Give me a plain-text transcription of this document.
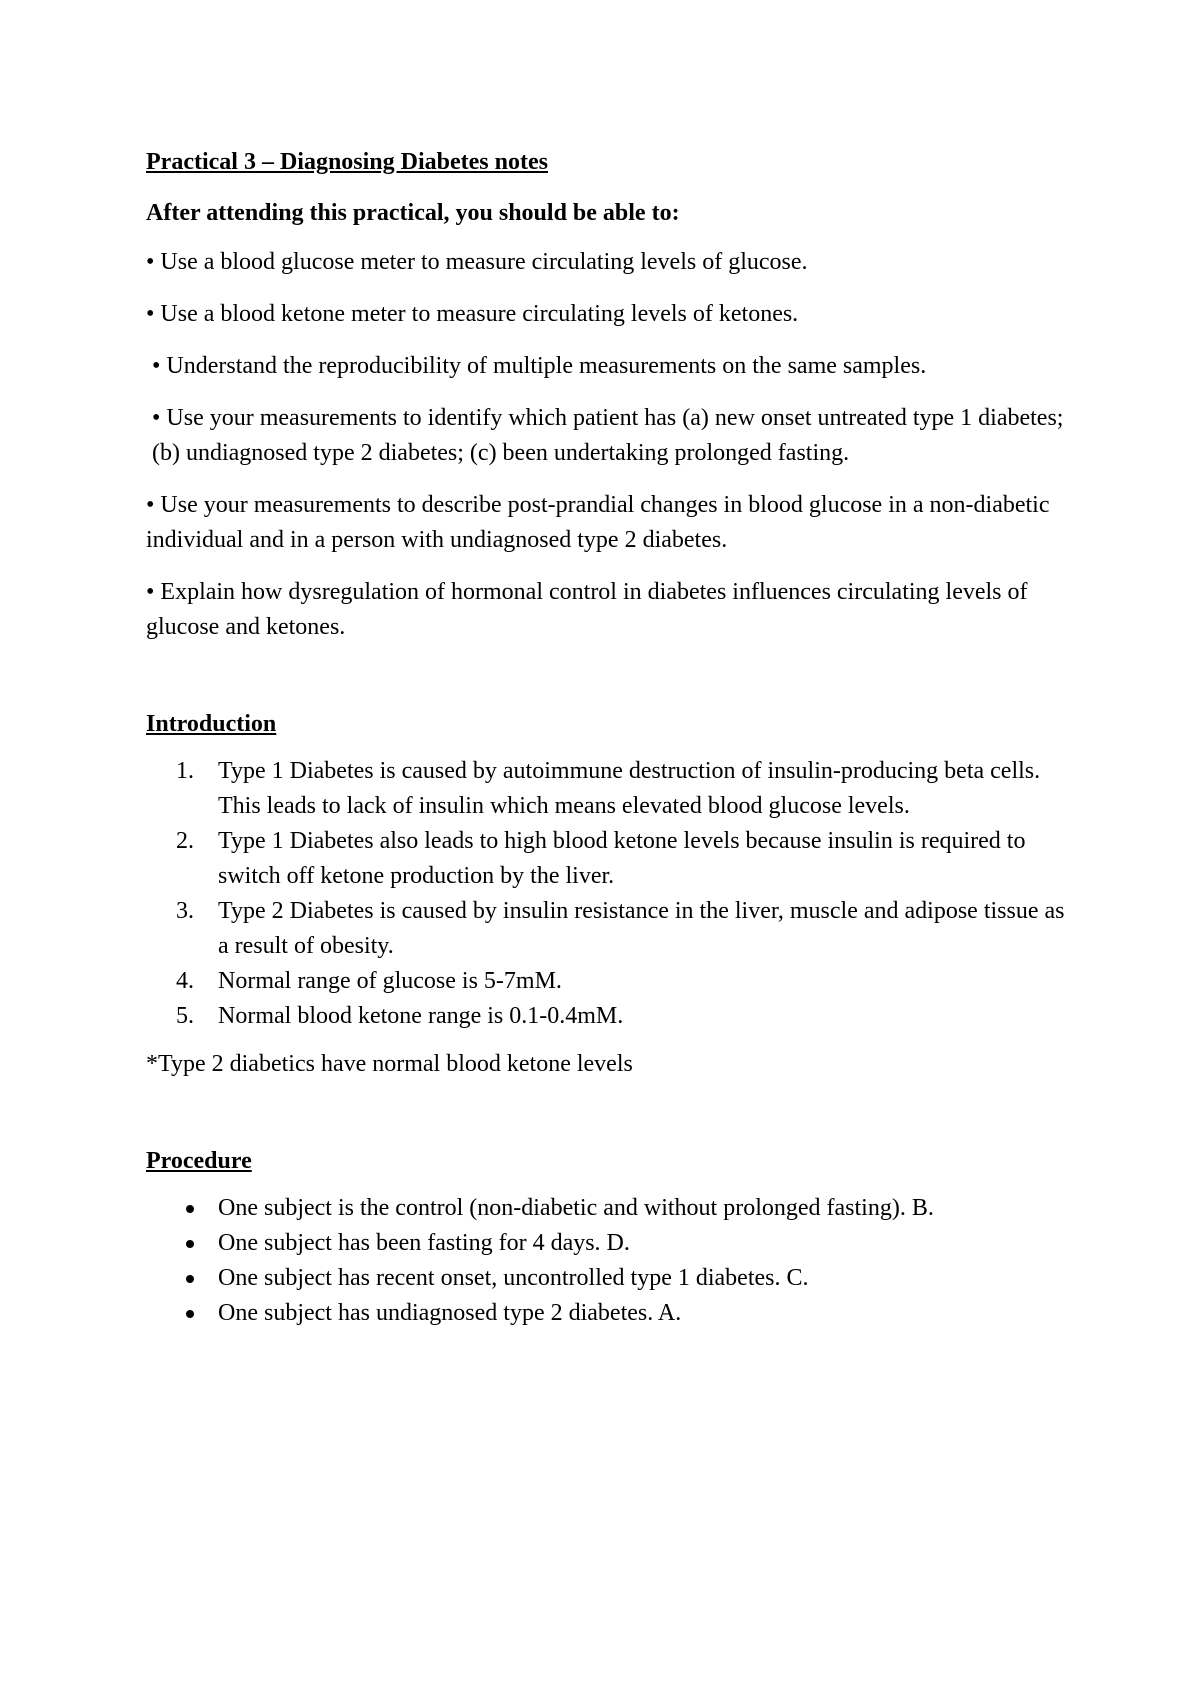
Practical 3 – Diagnosing Diabetes notes
After attending this practical, you should be able to:
• Use a blood glucose meter to measure circulating levels of glucose.
• Use a blood ketone meter to measure circulating levels of ketones.
• Understand the reproducibility of multiple measurements on the same samples.
• Use your measurements to identify which patient has (a) new onset untreated type 1 diabetes; (b) undiagnosed type 2 diabetes; (c) been undertaking prolonged fasting.
• Use your measurements to describe post-prandial changes in blood glucose in a non-diabetic individual and in a person with undiagnosed type 2 diabetes.
• Explain how dysregulation of hormonal control in diabetes influences circulating levels of glucose and ketones.
Introduction
1. Type 1 Diabetes is caused by autoimmune destruction of insulin-producing beta cells. This leads to lack of insulin which means elevated blood glucose levels.
2. Type 1 Diabetes also leads to high blood ketone levels because insulin is required to switch off ketone production by the liver.
3. Type 2 Diabetes is caused by insulin resistance in the liver, muscle and adipose tissue as a result of obesity.
4. Normal range of glucose is 5-7mM.
5. Normal blood ketone range is 0.1-0.4mM.
*Type 2 diabetics have normal blood ketone levels
Procedure
One subject is the control (non-diabetic and without prolonged fasting). B.
One subject has been fasting for 4 days. D.
One subject has recent onset, uncontrolled type 1 diabetes. C.
One subject has undiagnosed type 2 diabetes. A.
